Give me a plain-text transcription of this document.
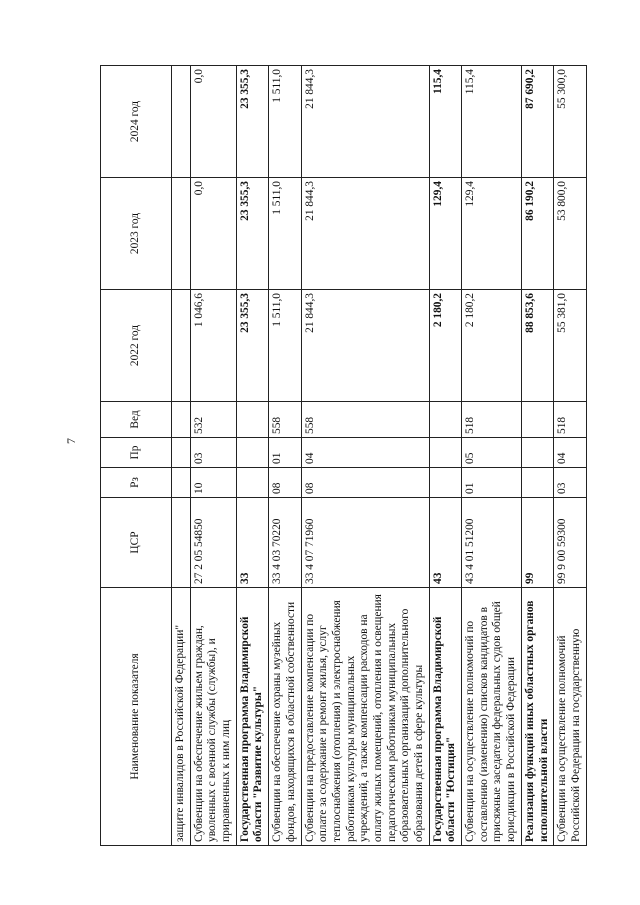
7
Наименование показателя	ЦСР	Рз	Пр	Вед	2022 год	2023 год	2024 год
защите инвалидов в Российской Федерации"							
Субвенции на обеспечение жильем граждан, уволенных с военной службы (службы), и приравненных к ним лиц	27 2 05 54850	10	03	532	1 046,6	0,0	0,0
Государственная программа Владимирской области "Развитие культуры"	33				23 355,3	23 355,3	23 355,3
Субвенции на обеспечение охраны музейных фондов, находящихся в областной собственности	33 4 03 70220	08	01	558	1 511,0	1 511,0	1 511,0
Субвенции на предоставление компенсации по оплате за содержание и ремонт жилья, услуг теплоснабжения (отопления) и электроснабжения работникам культуры муниципальных учреждений, а также компенсации расходов на оплату жилых помещений, отопления и освещения педагогическим работникам муниципальных образовательных организаций дополнительного образования детей в сфере культуры	33 4 07 71960	08	04	558	21 844,3	21 844,3	21 844,3
Государственная программа Владимирской области "Юстиция"	43				2 180,2	129,4	115,4
Субвенции на осуществление полномочий по составлению (изменению) списков кандидатов в присяжные заседатели федеральных судов общей юрисдикции в Российской Федерации	43 4 01 51200	01	05	518	2 180,2	129,4	115,4
Реализация функций иных областных органов исполнительной власти	99				88 853,6	86 190,2	87 690,2
Субвенции на осуществление полномочий Российской Федерации на государственную	99 9 00 59300	03	04	518	55 381,0	53 800,0	55 300,0
